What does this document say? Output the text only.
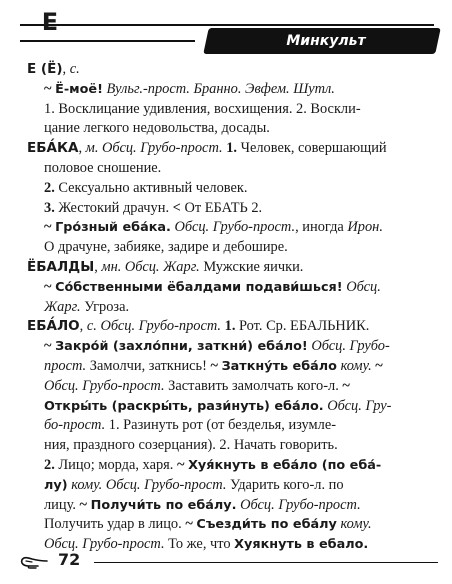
Е
Минкульт предупреждает:
Е (Ё), с.
~ Ё-моё! Вульг.-прост. Бранно. Эвфем. Шутл.
1. Восклицание удивления, восхищения. 2. Воскли-
цание легкого недовольства, досады.
ЕБА́КА, м. Обсц. Грубо-прост. 1. Человек, совершающий
половое сношение.
2. Сексуально активный человек.
3. Жестокий драчун. < От ЕБАТЬ 2.
~ Гро́зный еба́ка. Обсц. Грубо-прост., иногда Ирон.
О драчуне, забияке, задире и дебошире.
ЁБАЛДЫ, мн. Обсц. Жарг. Мужские яички.
~ Со́бственными ёбалдами подави́шься! Обсц.
Жарг. Угроза.
ЕБА́ЛО, с. Обсц. Грубо-прост. 1. Рот. Ср. ЕБАЛЬНИК.
~ Закро́й (захло́пни, заткни́) еба́ло! Обсц. Грубо-
прост. Замолчи, заткнись! ~ Заткну́ть еба́ло кому. ~
Обсц. Грубо-прост. Заставить замолчать кого-л. ~
Откры́ть (раскры́ть, рази́нуть) еба́ло. Обсц. Гру-
бо-прост. 1. Разинуть рот (от безделья, изумле-
ния, праздного созерцания). 2. Начать говорить.
2. Лицо; морда, харя. ~ Хуя́кнуть в еба́ло (по еба́-
лу) кому. Обсц. Грубо-прост. Ударить кого-л. по
лицу. ~ Получи́ть по еба́лу. Обсц. Грубо-прост.
Получить удар в лицо. ~ Съезди́ть по еба́лу кому.
Обсц. Грубо-прост. То же, что Хуякнуть в ебало.
72
